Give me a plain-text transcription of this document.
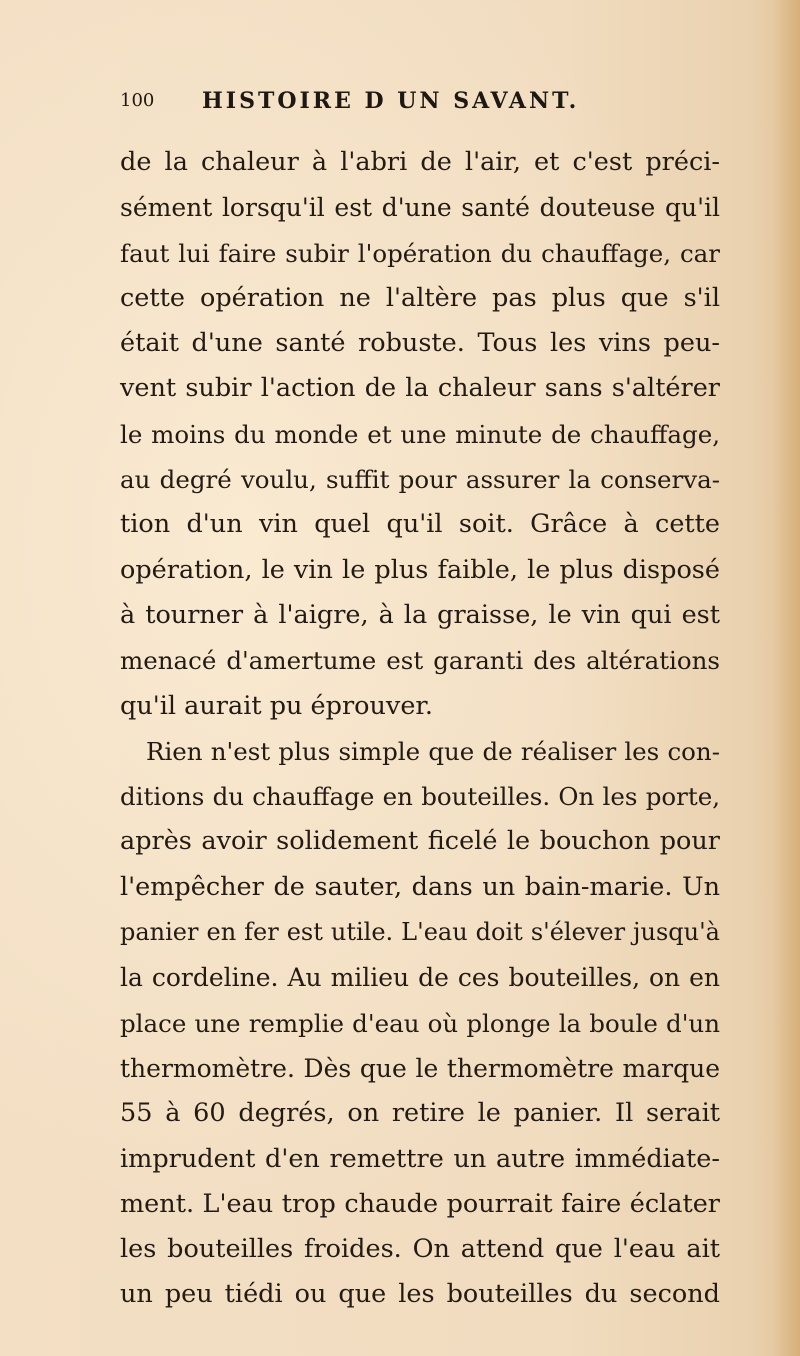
100 HISTOIRE D UN SAVANT.
de la chaleur à l'abri de l'air, et c'est préci-
sément lorsqu'il est d'une santé douteuse qu'il
faut lui faire subir l'opération du chauffage, car
cette opération ne l'altère pas plus que s'il
était d'une santé robuste. Tous les vins peu-
vent subir l'action de la chaleur sans s'altérer
le moins du monde et une minute de chauffage,
au degré voulu, suffit pour assurer la conserva-
tion d'un vin quel qu'il soit. Grâce à cette
opération, le vin le plus faible, le plus disposé
à tourner à l'aigre, à la graisse, le vin qui est
menacé d'amertume est garanti des altérations
qu'il aurait pu éprouver.
Rien n'est plus simple que de réaliser les con-
ditions du chauffage en bouteilles. On les porte,
après avoir solidement ficelé le bouchon pour
l'empêcher de sauter, dans un bain-marie. Un
panier en fer est utile. L'eau doit s'élever jusqu'à
la cordeline. Au milieu de ces bouteilles, on en
place une remplie d'eau où plonge la boule d'un
thermomètre. Dès que le thermomètre marque
55 à 60 degrés, on retire le panier. Il serait
imprudent d'en remettre un autre immédiate-
ment. L'eau trop chaude pourrait faire éclater
les bouteilles froides. On attend que l'eau ait
un peu tiédi ou que les bouteilles du second
